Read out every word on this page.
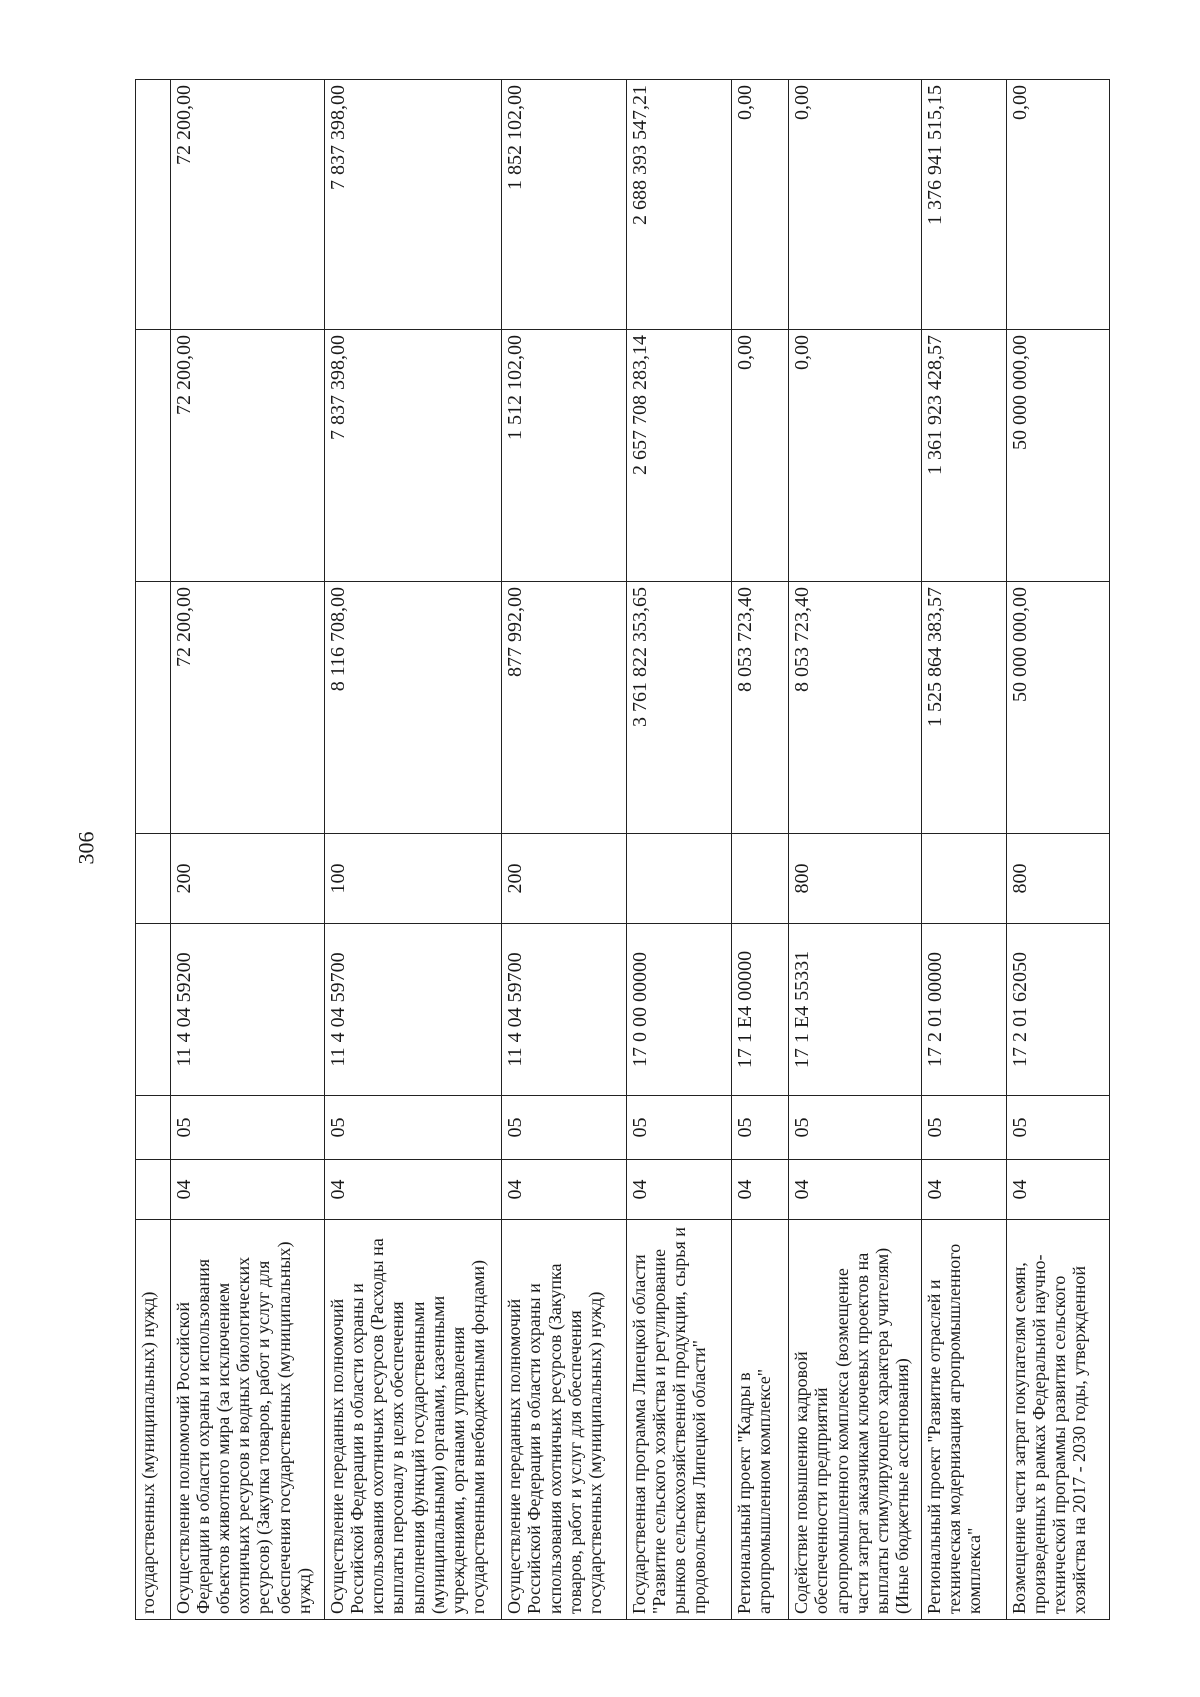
306
государственных (муниципальных) нужд)							
Осуществление полномочий Российской Федерации в области охраны и использования объектов животного мира (за исключением охотничьих ресурсов и водных биологических ресурсов) (Закупка товаров, работ и услуг для обеспечения государственных (муниципальных) нужд)	04	05	11 4 04 59200	200	72 200,00	72 200,00	72 200,00
Осуществление переданных полномочий Российской Федерации в области охраны и использования охотничьих ресурсов (Расходы на выплаты персоналу в целях обеспечения выполнения функций государственными (муниципальными) органами, казенными учреждениями, органами управления государственными внебюджетными фондами)	04	05	11 4 04 59700	100	8 116 708,00	7 837 398,00	7 837 398,00
Осуществление переданных полномочий Российской Федерации в области охраны и использования охотничьих ресурсов (Закупка товаров, работ и услуг для обеспечения государственных (муниципальных) нужд)	04	05	11 4 04 59700	200	877 992,00	1 512 102,00	1 852 102,00
Государственная программа Липецкой области "Развитие сельского хозяйства и регулирование рынков сельскохозяйственной продукции, сырья и продовольствия Липецкой области"	04	05	17 0 00 00000		3 761 822 353,65	2 657 708 283,14	2 688 393 547,21
Региональный проект "Кадры в агропромышленном комплексе"	04	05	17 1 Е4 00000		8 053 723,40	0,00	0,00
Содействие повышению кадровой обеспеченности предприятий агропромышленного комплекса (возмещение части затрат заказчикам ключевых проектов на выплаты стимулирующего характера учителям) (Иные бюджетные ассигнования)	04	05	17 1 Е4 55331	800	8 053 723,40	0,00	0,00
Региональный проект "Развитие отраслей и техническая модернизация агропромышленного комплекса"	04	05	17 2 01 00000		1 525 864 383,57	1 361 923 428,57	1 376 941 515,15
Возмещение части затрат покупателям семян, произведенных в рамках Федеральной научно-технической программы развития сельского хозяйства на 2017 - 2030 годы, утвержденной	04	05	17 2 01 62050	800	50 000 000,00	50 000 000,00	0,00
